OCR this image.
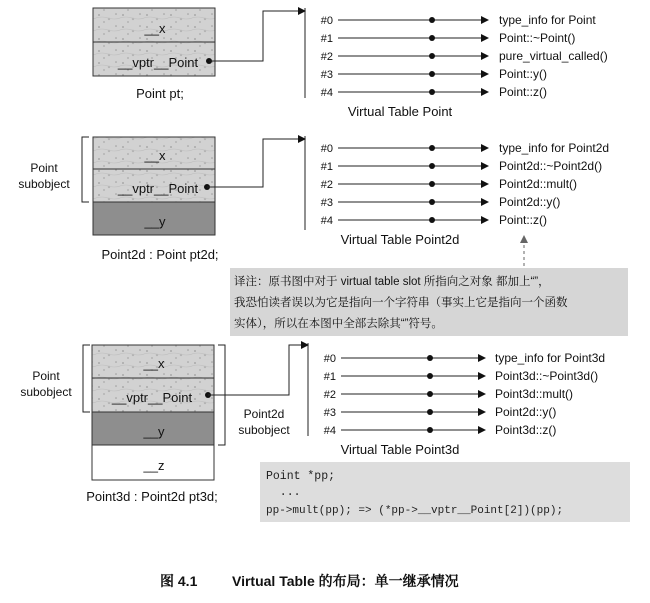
__x
__vptr__Point
Point pt;
#0
#1
#2
#3
#4
type_info for Point
Point::~Point()
pure_virtual_called()
Point::y()
Point::z()
Virtual Table Point
Point
subobject
__x
__vptr__Point
__y
Point2d : Point pt2d;
#0
#1
#2
#3
#4
type_info for Point2d
Point2d::~Point2d()
Point2d::mult()
Point2d::y()
Point::z()
Virtual Table Point2d
译注：原书图中对于 virtual table slot 所指向之对象 都加上“”，
我恐怕读者误以为它是指向一个字符串（事实上它是指向一个函数
实体），所以在本图中全部去除其“”符号。
Point
subobject
__x
__vptr__Point
__y
__z
Point2d
subobject
Point3d : Point2d pt3d;
#0
#1
#2
#3
#4
type_info for Point3d
Point3d::~Point3d()
Point3d::mult()
Point2d::y()
Point3d::z()
Virtual Table Point3d
Point *pp;
...
pp->mult(pp); => (*pp->__vptr__Point[2])(pp);
图 4.1 Virtual Table 的布局：单一继承情况
